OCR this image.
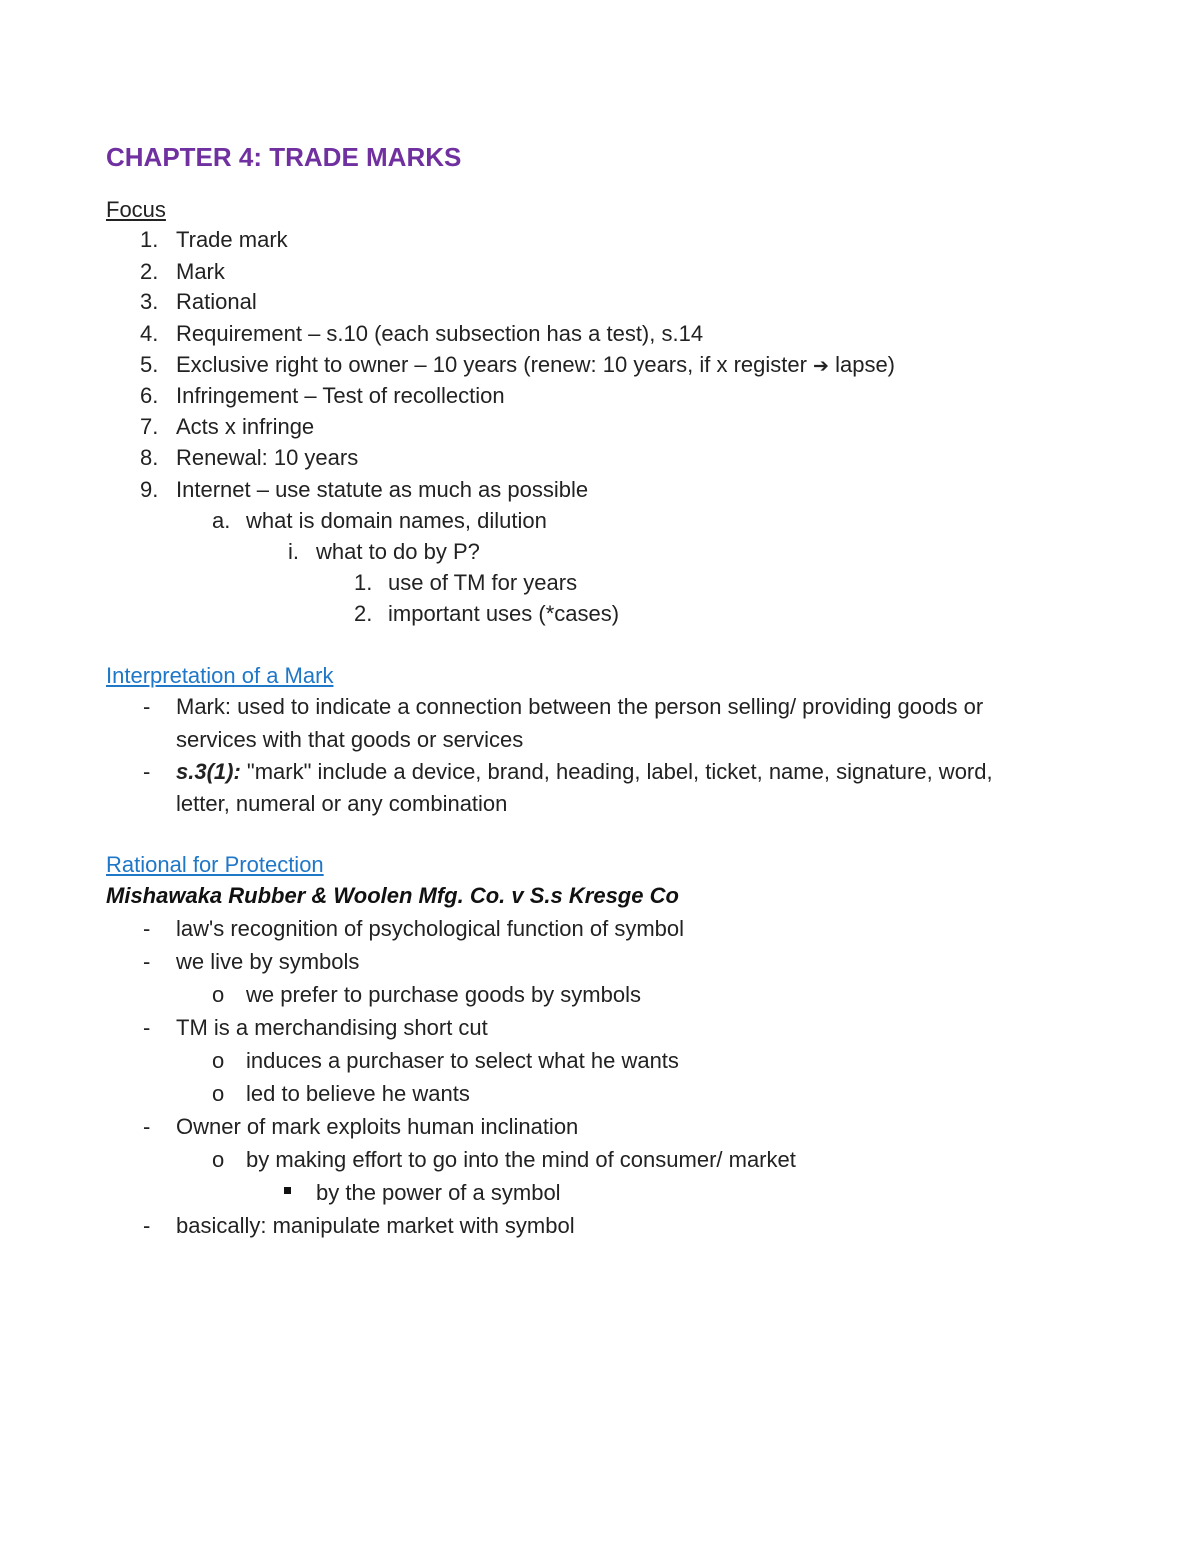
CHAPTER 4: TRADE MARKS
Focus
1. Trade mark
2. Mark
3. Rational
4. Requirement – s.10 (each subsection has a test), s.14
5. Exclusive right to owner – 10 years (renew: 10 years, if x register ➔ lapse)
6. Infringement – Test of recollection
7. Acts x infringe
8. Renewal: 10 years
9. Internet – use statute as much as possible
a. what is domain names, dilution
i. what to do by P?
1. use of TM for years
2. important uses (*cases)
Interpretation of a Mark
- Mark: used to indicate a connection between the person selling/ providing goods or
services with that goods or services
- s.3(1): "mark" include a device, brand, heading, label, ticket, name, signature, word,
letter, numeral or any combination
Rational for Protection
Mishawaka Rubber & Woolen Mfg. Co. v S.s Kresge Co
- law's recognition of psychological function of symbol
- we live by symbols
o we prefer to purchase goods by symbols
- TM is a merchandising short cut
o induces a purchaser to select what he wants
o led to believe he wants
- Owner of mark exploits human inclination
o by making effort to go into the mind of consumer/ market
by the power of a symbol
- basically: manipulate market with symbol
